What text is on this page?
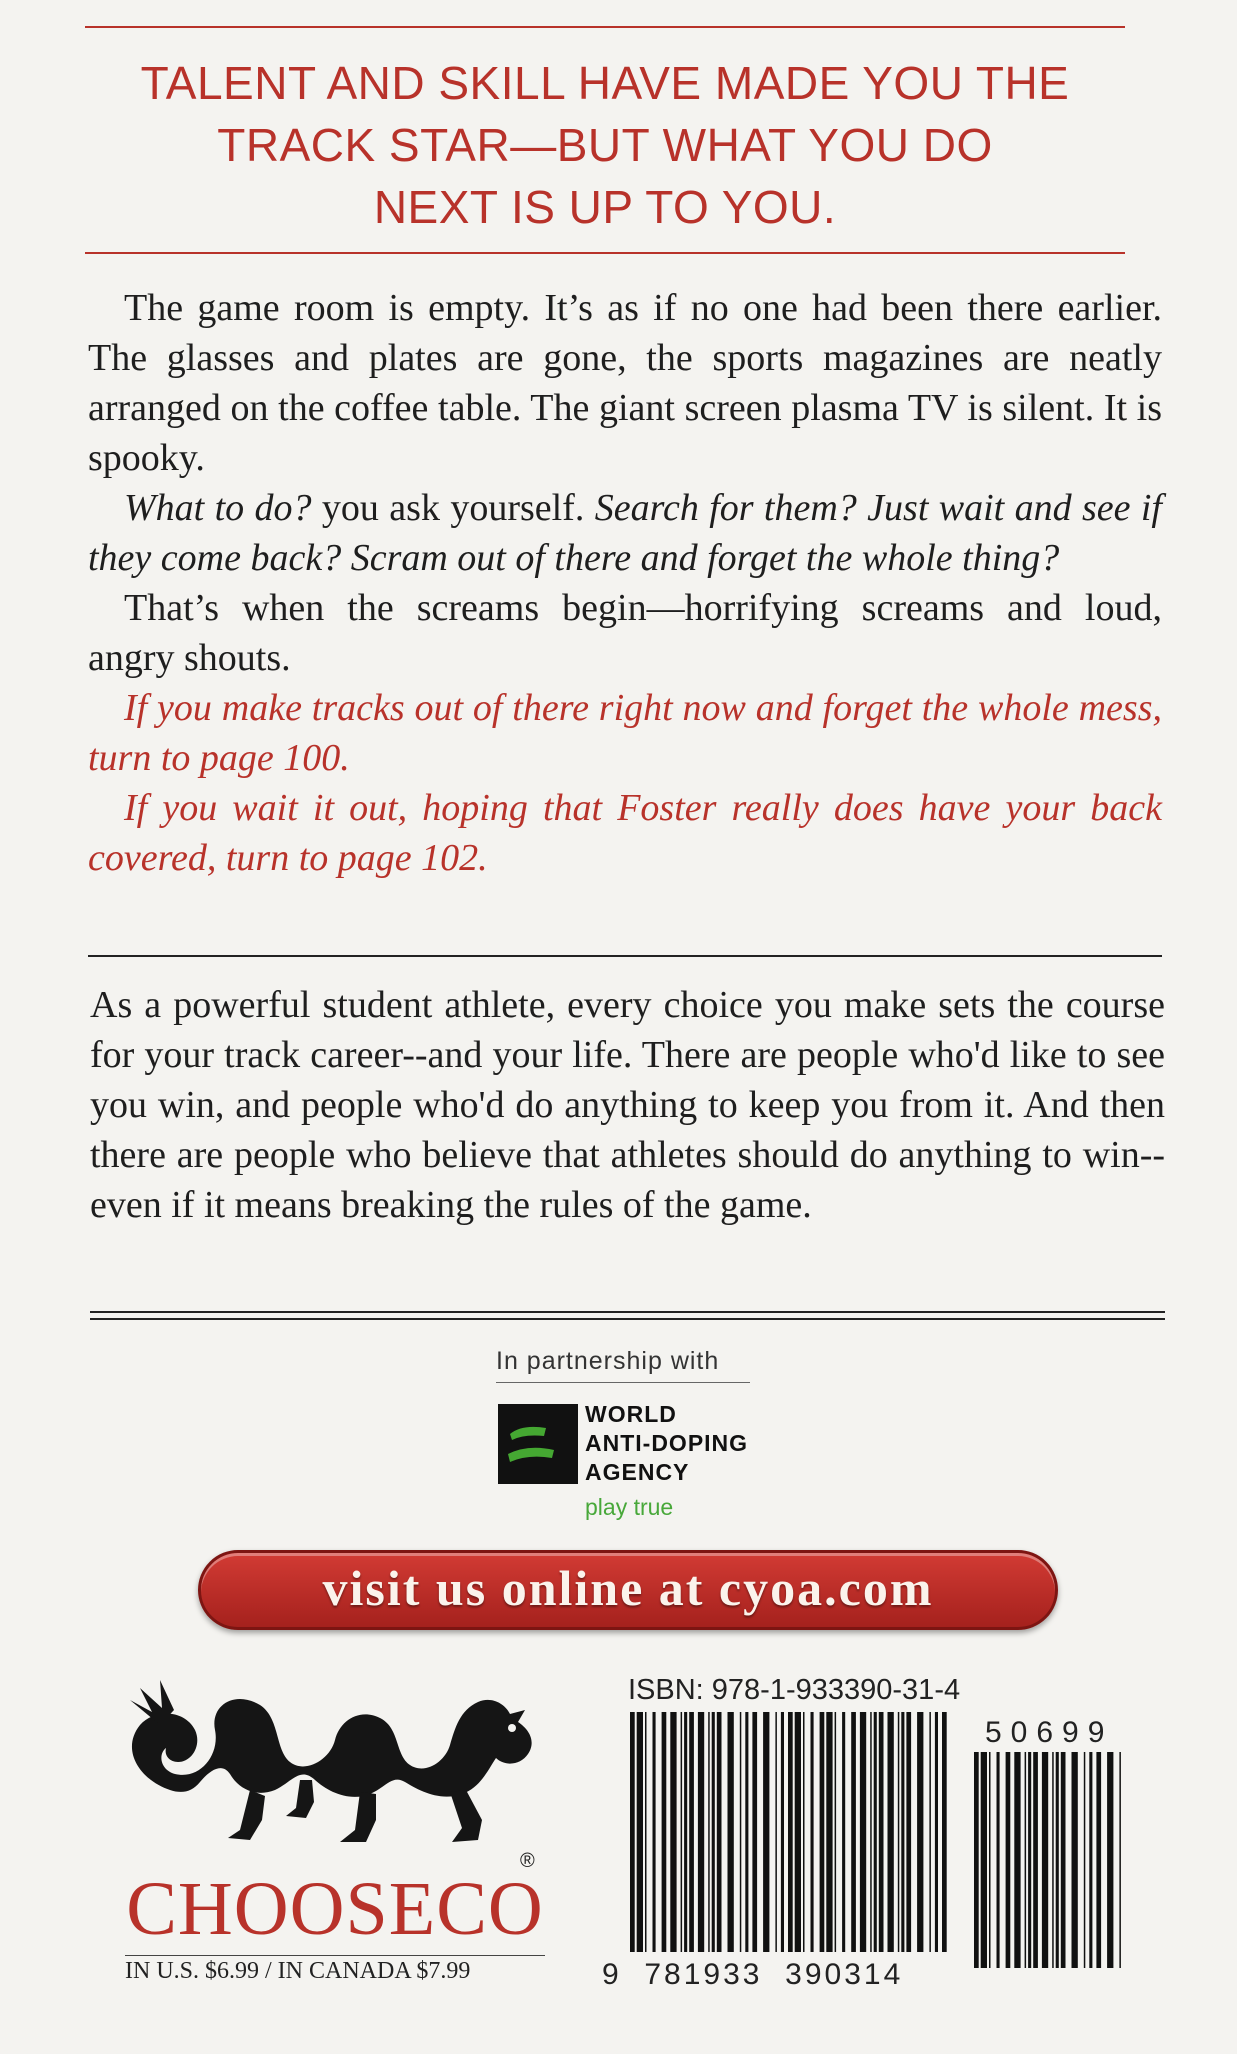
TALENT AND SKILL HAVE MADE YOU THE
TRACK STAR—BUT WHAT YOU DO
NEXT IS UP TO YOU.

The game room is empty. It’s as if no one had been there earlier. The glasses and plates are gone, the sports magazines are neatly arranged on the coffee table. The giant screen plasma TV is silent. It is spooky.

What to do? you ask yourself. Search for them? Just wait and see if they come back? Scram out of there and forget the whole thing?

That’s when the screams begin—horrifying screams and loud, angry shouts.

If you make tracks out of there right now and forget the whole mess, turn to page 100.

If you wait it out, hoping that Foster really does have your back covered, turn to page 102.

As a powerful student athlete, every choice you make sets the course for your track career--and your life. There are people who'd like to see you win, and people who'd do anything to keep you from it. And then there are people who believe that athletes should do anything to win--even if it means breaking the rules of the game.
In partnership with
WORLD
ANTI-DOPING
AGENCY
play true
visit us online at cyoa.com
®
CHOOSECO
IN U.S. $6.99 / IN CANADA $7.99
ISBN: 978-1-933390-31-4
9 781933 390314
50699
